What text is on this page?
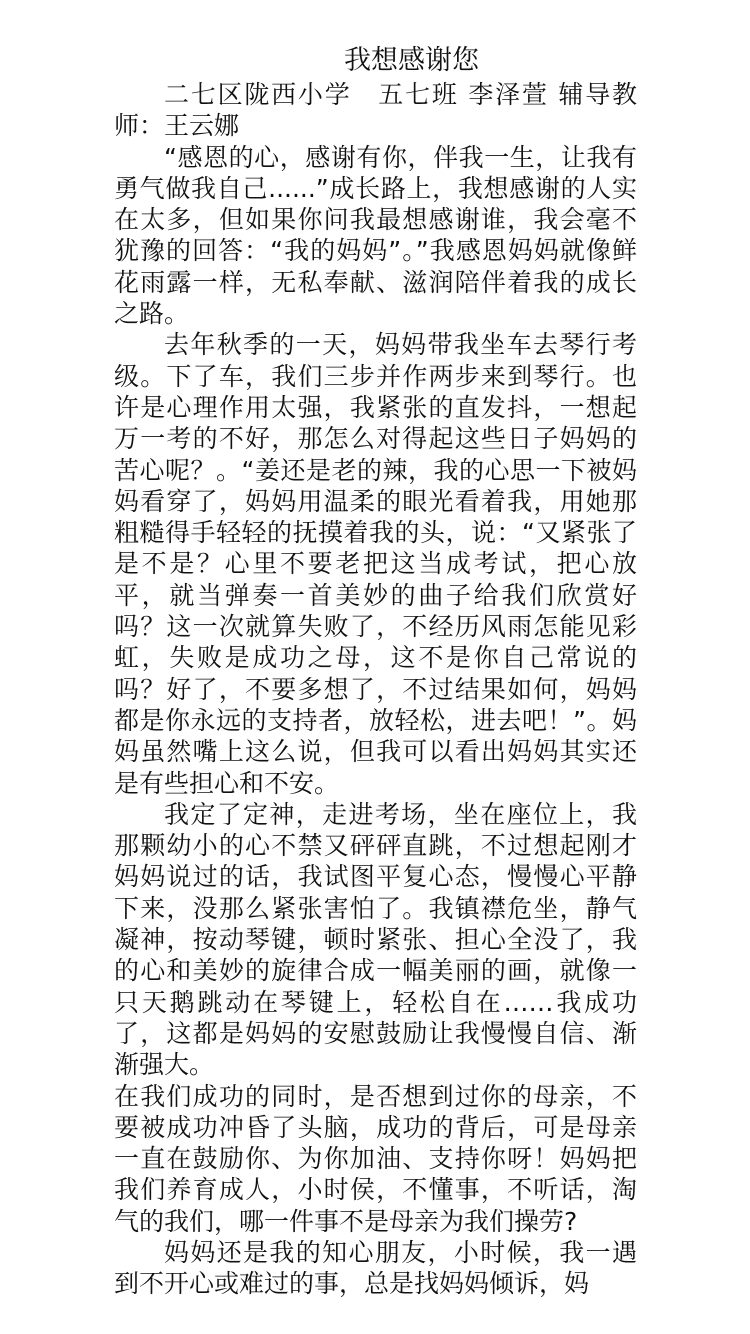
我想感谢您

二七区陇西小学　五七班 李泽萱 辅导教师：王云娜

“感恩的心，感谢有你，伴我一生，让我有勇气做我自己......”成长路上，我想感谢的人实在太多，但如果你问我最想感谢谁，我会毫不犹豫的回答：“我的妈妈”。”我感恩妈妈就像鲜花雨露一样，无私奉献、滋润陪伴着我的成长之路。

去年秋季的一天，妈妈带我坐车去琴行考级。下了车，我们三步并作两步来到琴行。也许是心理作用太强，我紧张的直发抖，一想起万一考的不好，那怎么对得起这些日子妈妈的苦心呢？。“姜还是老的辣，我的心思一下被妈妈看穿了，妈妈用温柔的眼光看着我，用她那粗糙得手轻轻的抚摸着我的头，说：“又紧张了是不是？心里不要老把这当成考试，把心放平，就当弹奏一首美妙的曲子给我们欣赏好吗？这一次就算失败了，不经历风雨怎能见彩虹，失败是成功之母，这不是你自己常说的吗？好了，不要多想了，不过结果如何，妈妈都是你永远的支持者，放轻松，进去吧！”。妈妈虽然嘴上这么说，但我可以看出妈妈其实还是有些担心和不安。

我定了定神，走进考场，坐在座位上，我那颗幼小的心不禁又砰砰直跳，不过想起刚才妈妈说过的话，我试图平复心态，慢慢心平静下来，没那么紧张害怕了。我镇襟危坐，静气凝神，按动琴键，顿时紧张、担心全没了，我的心和美妙的旋律合成一幅美丽的画，就像一只天鹅跳动在琴键上，轻松自在……我成功了，这都是妈妈的安慰鼓励让我慢慢自信、渐渐强大。

在我们成功的同时，是否想到过你的母亲，不要被成功冲昏了头脑，成功的背后，可是母亲一直在鼓励你、为你加油、支持你呀！妈妈把我们养育成人，小时侯，不懂事，不听话，淘气的我们，哪一件事不是母亲为我们操劳?

妈妈还是我的知心朋友，小时候，我一遇到不开心或难过的事，总是找妈妈倾诉，妈
